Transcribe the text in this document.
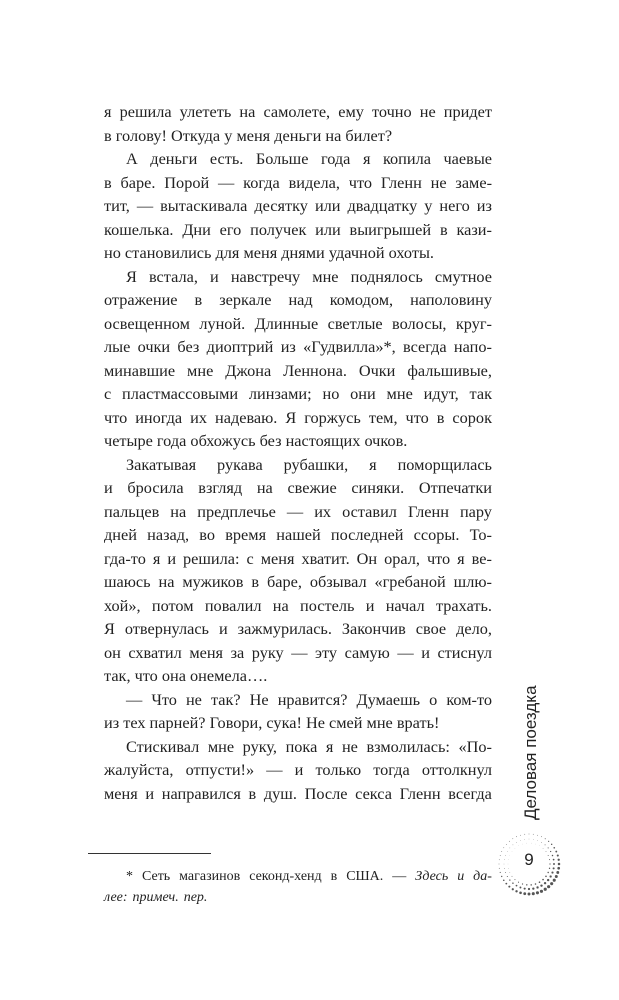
я решила улететь на самолете, ему точно не придет
в голову! Откуда у меня деньги на билет?
А деньги есть. Больше года я копила чаевые
в баре. Порой — когда видела, что Гленн не заме-
тит, — вытаскивала десятку или двадцатку у него из
кошелька. Дни его получек или выигрышей в кази-
но становились для меня днями удачной охоты.
Я встала, и навстречу мне поднялось смутное
отражение в зеркале над комодом, наполовину
освещенном луной. Длинные светлые волосы, круг-
лые очки без диоптрий из «Гудвилла»*, всегда напо-
минавшие мне Джона Леннона. Очки фальшивые,
с пластмассовыми линзами; но они мне идут, так
что иногда их надеваю. Я горжусь тем, что в сорок
четыре года обхожусь без настоящих очков.
Закатывая рукава рубашки, я поморщилась
и бросила взгляд на свежие синяки. Отпечатки
пальцев на предплечье — их оставил Гленн пару
дней назад, во время нашей последней ссоры. То-
гда-то я и решила: с меня хватит. Он орал, что я ве-
шаюсь на мужиков в баре, обзывал «гребаной шлю-
хой», потом повалил на постель и начал трахать.
Я отвернулась и зажмурилась. Закончив свое дело,
он схватил меня за руку — эту самую — и стиснул
так, что она онемела….
— Что не так? Не нравится? Думаешь о ком-то
из тех парней? Говори, сука! Не смей мне врать!
Стискивал мне руку, пока я не взмолилась: «По-
жалуйста, отпусти!» — и только тогда оттолкнул
меня и направился в душ. После секса Гленн всегда
* Сеть магазинов секонд-хенд в США. — Здесь и да-
лее: примеч. пер.
Деловая поездка
9
